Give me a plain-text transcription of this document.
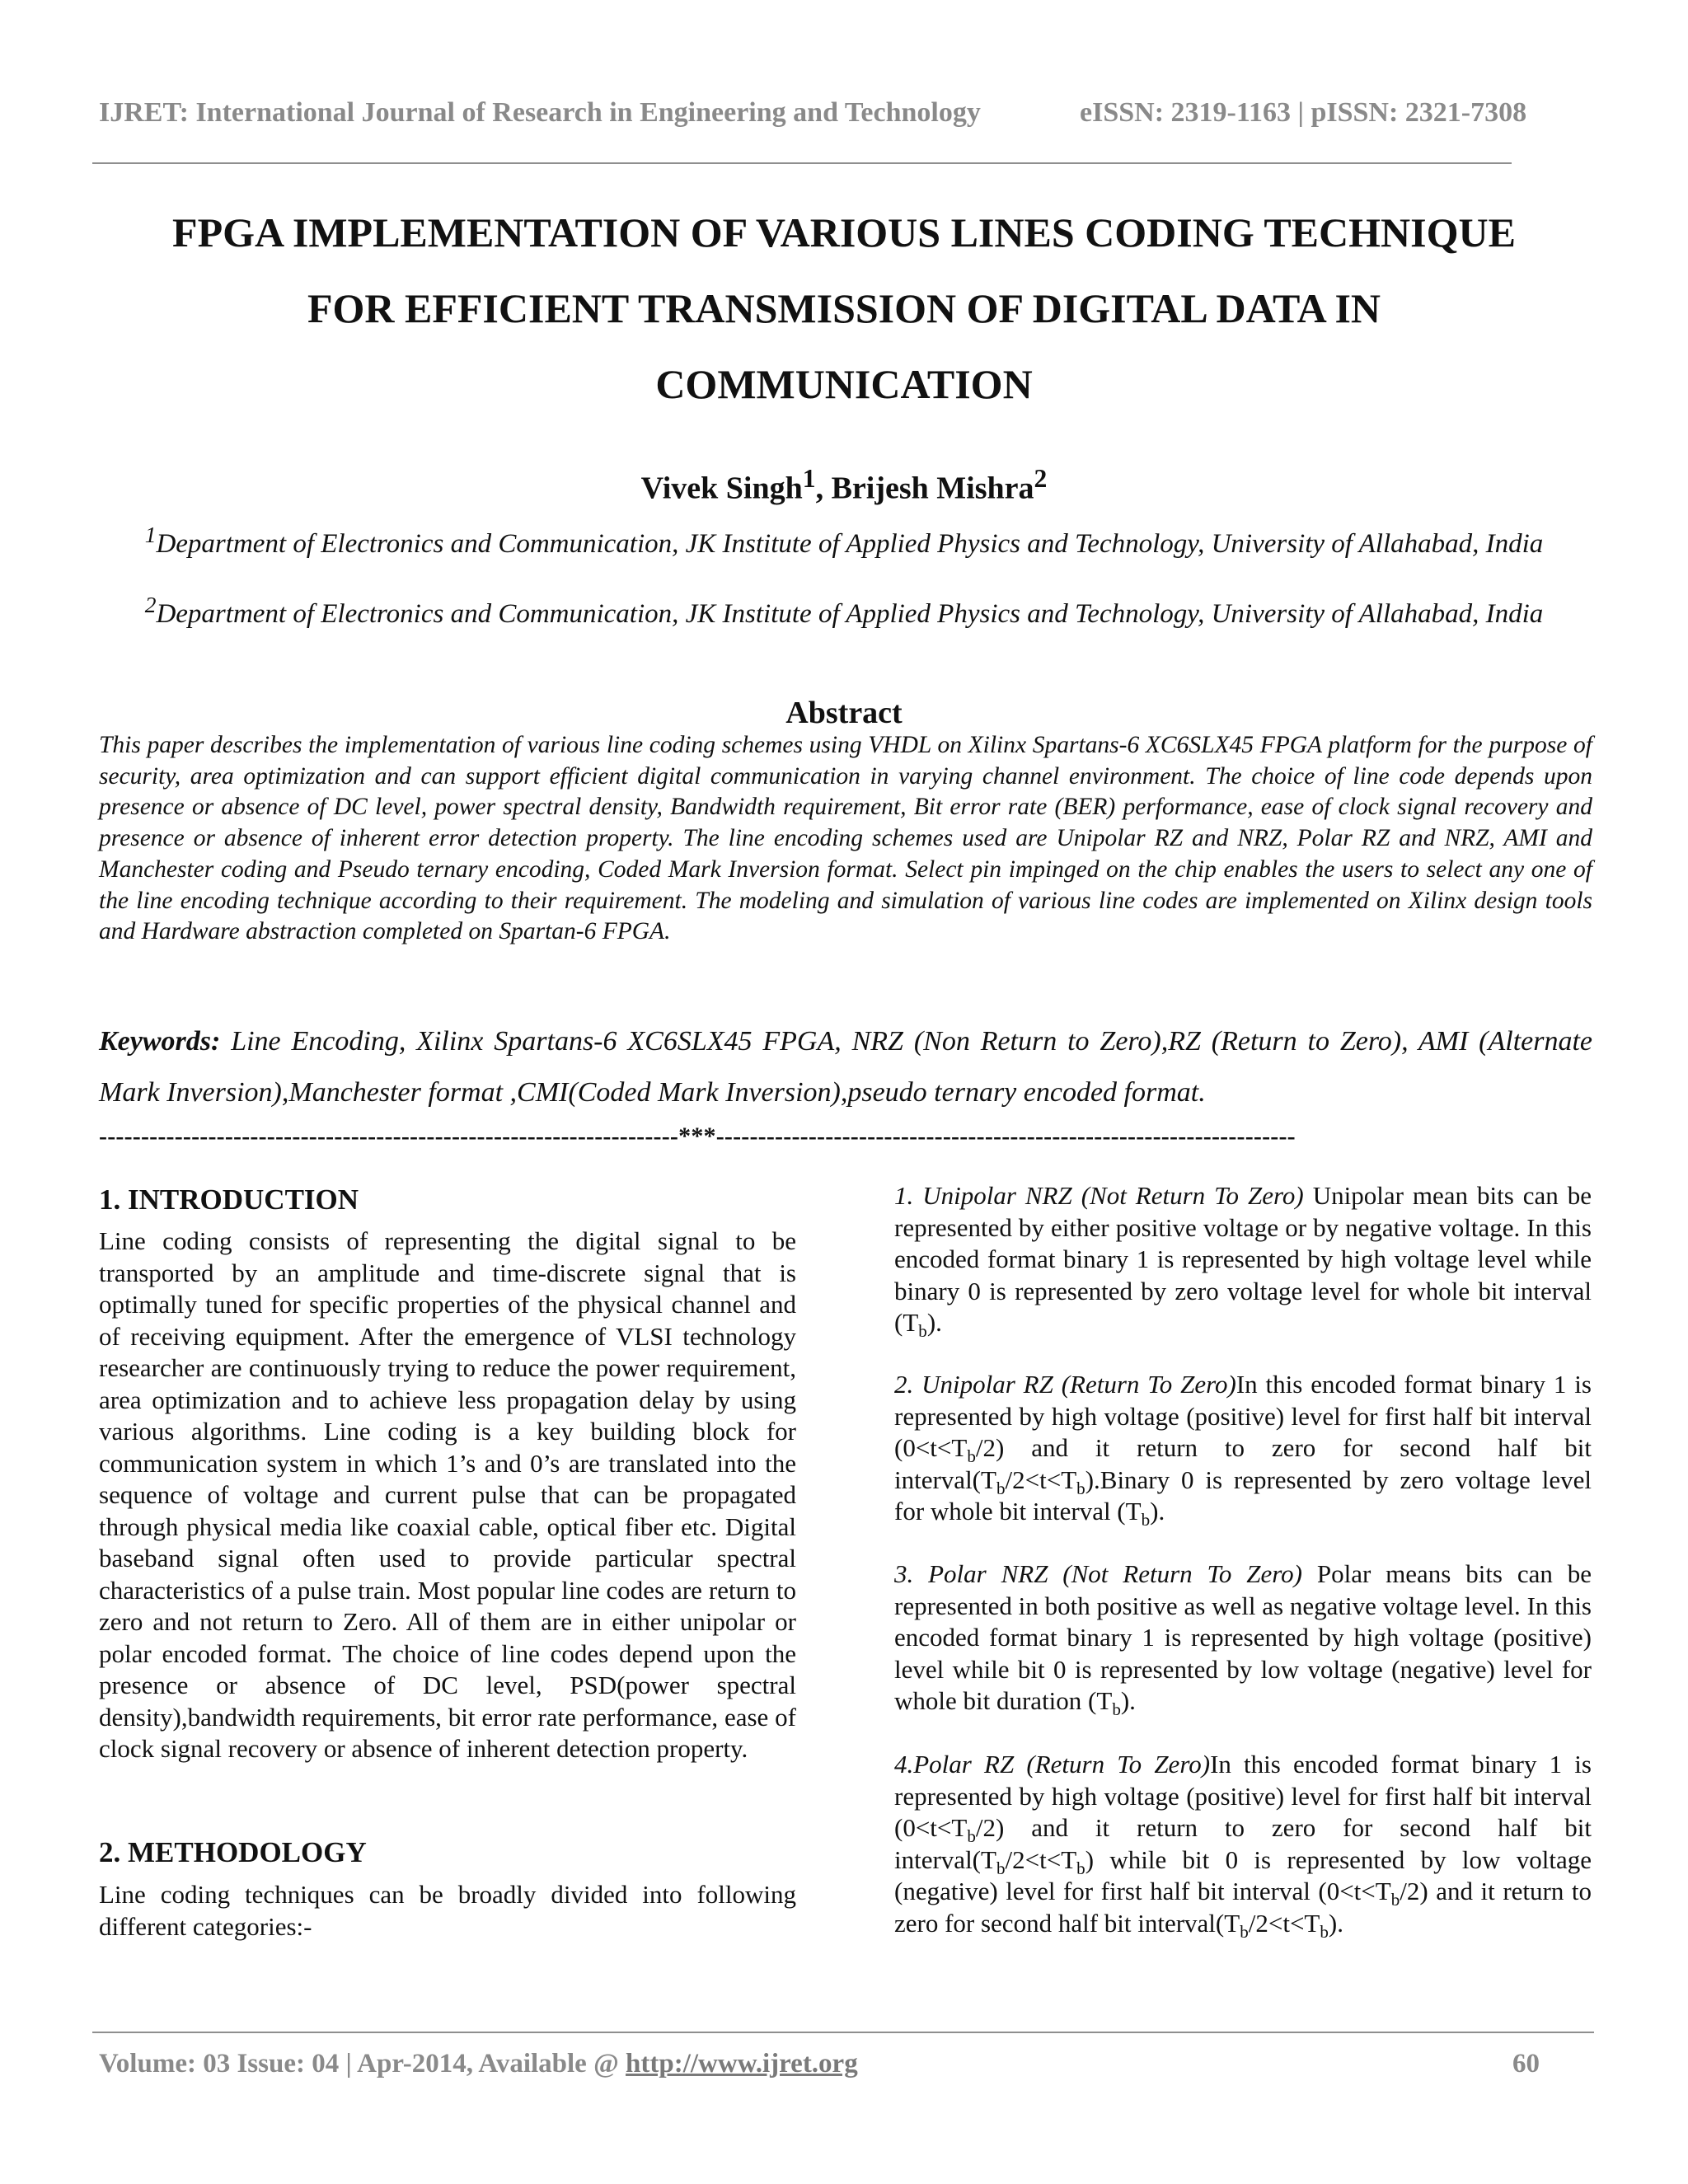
IJRET: International Journal of Research in Engineering and Technology	eISSN: 2319-1163 | pISSN: 2321-7308
FPGA IMPLEMENTATION OF VARIOUS LINES CODING TECHNIQUE
FOR EFFICIENT TRANSMISSION OF DIGITAL DATA IN
COMMUNICATION
Vivek Singh$^1$, Brijesh Mishra$^2$
$^1$Department of Electronics and Communication, JK Institute of Applied Physics and Technology, University of Allahabad, India
$^2$Department of Electronics and Communication, JK Institute of Applied Physics and Technology, University of Allahabad, India
Abstract
This paper describes the implementation of various line coding schemes using VHDL on Xilinx Spartans-6 XC6SLX45 FPGA platform for the purpose of security, area optimization and can support efficient digital communication in varying channel environment. The choice of line code depends upon presence or absence of DC level, power spectral density, Bandwidth requirement, Bit error rate (BER) performance, ease of clock signal recovery and presence or absence of inherent error detection property. The line encoding schemes used are Unipolar RZ and NRZ, Polar RZ and NRZ, AMI and Manchester coding and Pseudo ternary encoding, Coded Mark Inversion format. Select pin impinged on the chip enables the users to select any one of the line encoding technique according to their requirement. The modeling and simulation of various line codes are implemented on Xilinx design tools and Hardware abstraction completed on Spartan-6 FPGA.
Keywords: Line Encoding, Xilinx Spartans-6 XC6SLX45 FPGA, NRZ (Non Return to Zero),RZ (Return to Zero), AMI (Alternate Mark Inversion),Manchester format ,CMI(Coded Mark Inversion),pseudo ternary encoded format.
---------------------------------------------------------------------***---------------------------------------------------------------------
1. INTRODUCTION
Line coding consists of representing the digital signal to be transported by an amplitude and time-discrete signal that is optimally tuned for specific properties of the physical channel and of receiving equipment. After the emergence of VLSI technology researcher are continuously trying to reduce the power requirement, area optimization and to achieve less propagation delay by using various algorithms. Line coding is a key building block for communication system in which 1’s and 0’s are translated into the sequence of voltage and current pulse that can be propagated through physical media like coaxial cable, optical fiber etc. Digital baseband signal often used to provide particular spectral characteristics of a pulse train. Most popular line codes are return to zero and not return to Zero. All of them are in either unipolar or polar encoded format. The choice of line codes depend upon the presence or absence of DC level, PSD(power spectral density),bandwidth requirements, bit error rate performance, ease of clock signal recovery or absence of inherent detection property.
2. METHODOLOGY
Line coding techniques can be broadly divided into following different categories:-
1. Unipolar NRZ (Not Return To Zero) Unipolar mean bits can be represented by either positive voltage or by negative voltage. In this encoded format binary 1 is represented by high voltage level while binary 0 is represented by zero voltage level for whole bit interval $(T_b)$.
2. Unipolar RZ (Return To Zero)In this encoded format binary 1 is represented by high voltage (positive) level for first half bit interval $(0<t<T_b/2)$ and it return to zero for second half bit $interval(T_b/2<t<T_b).Binary$ 0 is represented by zero voltage level for whole bit interval $(T_b)$.
3. Polar NRZ (Not Return To Zero) Polar means bits can be represented in both positive as well as negative voltage level. In this encoded format binary 1 is represented by high voltage (positive) level while bit 0 is represented by low voltage (negative) level for whole bit duration $(T_b)$.
4.Polar RZ (Return To Zero)In this encoded format binary 1 is represented by high voltage (positive) level for first half bit interval $(0<t<T_b/2)$ and it return to zero for second half bit $interval(T_b/2<t<T_b)$ while bit 0 is represented by low voltage (negative) level for first half bit interval $(0<t<T_b/2)$ and it return to zero for second half bit $interval(T_b/2<t<T_b)$.
Volume: 03 Issue: 04 | Apr-2014, Available @ http://www.ijret.org	60
